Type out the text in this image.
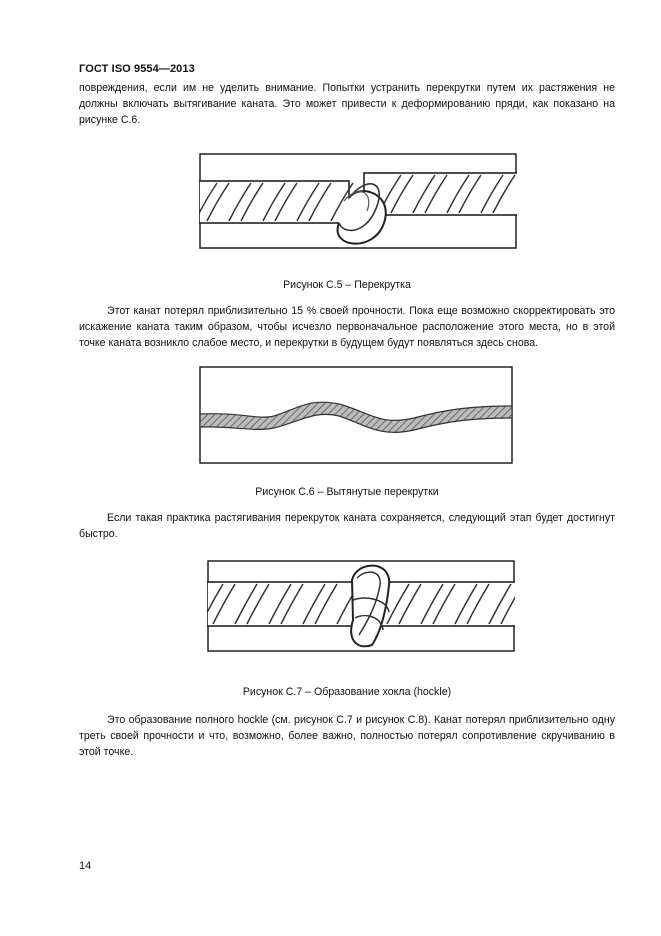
ГОСТ ISO 9554—2013

повреждения, если им не уделить внимание. Попытки устранить перекрутки путем их растяжения не должны включать вытягивание каната. Это может привести к деформированию пряди, как показано на рисунке С.6.

Рисунок С.5 – Перекрутка

Этот канат потерял приблизительно 15 % своей прочности. Пока еще возможно скорректировать это искажение каната таким образом, чтобы исчезло первоначальное расположение этого места, но в этой точке каната возникло слабое место, и перекрутки в будущем будут появляться здесь снова.

Рисунок С.6 – Вытянутые перекрутки

Если такая практика растягивания перекруток каната сохраняется, следующий этап будет достигнут быстро.

Рисунок С.7 – Образование хокла (hockle)

Это образование полного hockle (см. рисунок С.7 и рисунок С.8). Канат потерял приблизительно одну треть своей прочности и что, возможно, более важно, полностью потерял сопротивление скручиванию в этой точке.

14
